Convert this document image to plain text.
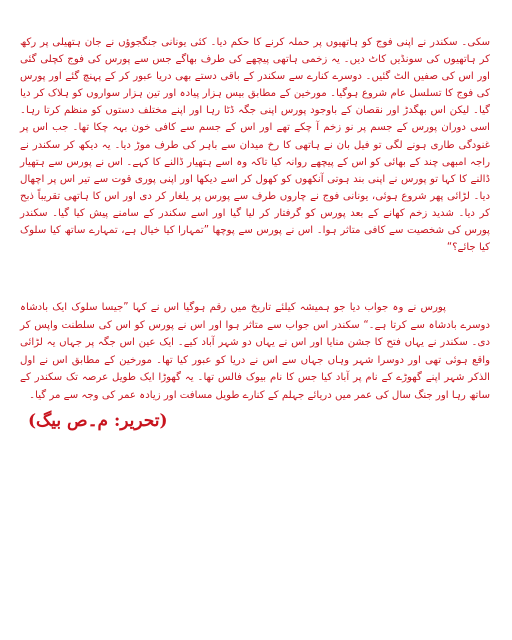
سکی۔ سکندر نے اپنی فوج کو ہاتھیوں پر حملہ کرنے کا حکم دیا۔ کئی یونانی جنگجوؤں نے جان ہتھیلی پر رکھ کر ہاتھیوں کی سونڈیں کاٹ دیں۔ یہ زخمی ہاتھی پیچھے کی طرف بھاگے جس سے پورس کی فوج کچلی گئی اور اس کی صفیں الٹ گئیں۔ دوسرے کنارے سے سکندر کے باقی دستے بھی دریا عبور کر کے پہنچ گئے اور پورس کی فوج کا تسلسل عام شروع ہوگیا۔ مورخین کے مطابق بیس ہزار پیادہ اور تین ہزار سواروں کو ہلاک کر دیا گیا۔ لیکن اس بھگدڑ اور نقصان کے باوجود پورس اپنی جگہ ڈٹا رہا اور اپنے مختلف دستوں کو منظم کرتا رہا۔ اسی دوران پورس کے جسم پر نو زخم آ چکے تھے اور اس کے جسم سے کافی خون بہہ چکا تھا۔ جب اس پر غنودگی طاری ہونے لگی تو فیل بان نے ہاتھی کا رخ میدان سے باہر کی طرف موڑ دیا۔ یہ دیکھ کر سکندر نے راجہ امبھی چند کے بھائی کو اس کے پیچھے روانہ کیا تاکہ وہ اسے ہتھیار ڈالنے کا کہے۔ اس نے پورس سے ہتھیار ڈالنے کا کہا تو پورس نے اپنی بند ہوتی آنکھوں کو کھول کر اسے دیکھا اور اپنی پوری قوت سے تیر اس پر اچھال دیا۔ لڑائی پھر شروع ہوئی، یونانی فوج نے چاروں طرف سے پورس پر یلغار کر دی اور اس کا ہاتھی تقریباً ذبح کر دیا۔ شدید زخم کھانے کے بعد پورس کو گرفتار کر لیا گیا اور اسے سکندر کے سامنے پیش کیا گیا۔ سکندر پورس کی شخصیت سے کافی متاثر ہوا۔ اس نے پورس سے پوچھا ”تمہارا کیا خیال ہے، تمہارے ساتھ کیا سلوک کیا جائے؟“

پورس نے وہ جواب دیا جو ہمیشہ کیلئے تاریخ میں رقم ہوگیا اس نے کہا ”جیسا سلوک ایک بادشاہ دوسرے بادشاہ سے کرتا ہے۔“ سکندر اس جواب سے متاثر ہوا اور اس نے پورس کو اس کی سلطنت واپس کر دی۔ سکندر نے یہاں فتح کا جشن منایا اور اس نے یہاں دو شہر آباد کیے۔ ایک عین اس جگہ پر جہاں یہ لڑائی واقع ہوئی تھی اور دوسرا شہر وہاں جہاں سے اس نے دریا کو عبور کیا تھا۔ مورخین کے مطابق اس نے اول الذکر شہر اپنے گھوڑے کے نام پر آباد کیا جس کا نام بیوک فالس تھا۔ یہ گھوڑا ایک طویل عرصہ تک سکندر کے ساتھ رہا اور جنگ سال کی عمر میں دریائے جہلم کے کنارے طویل مسافت اور زیادہ عمر کی وجہ سے مر گیا۔

(تحریر: م۔ص بیگ)
